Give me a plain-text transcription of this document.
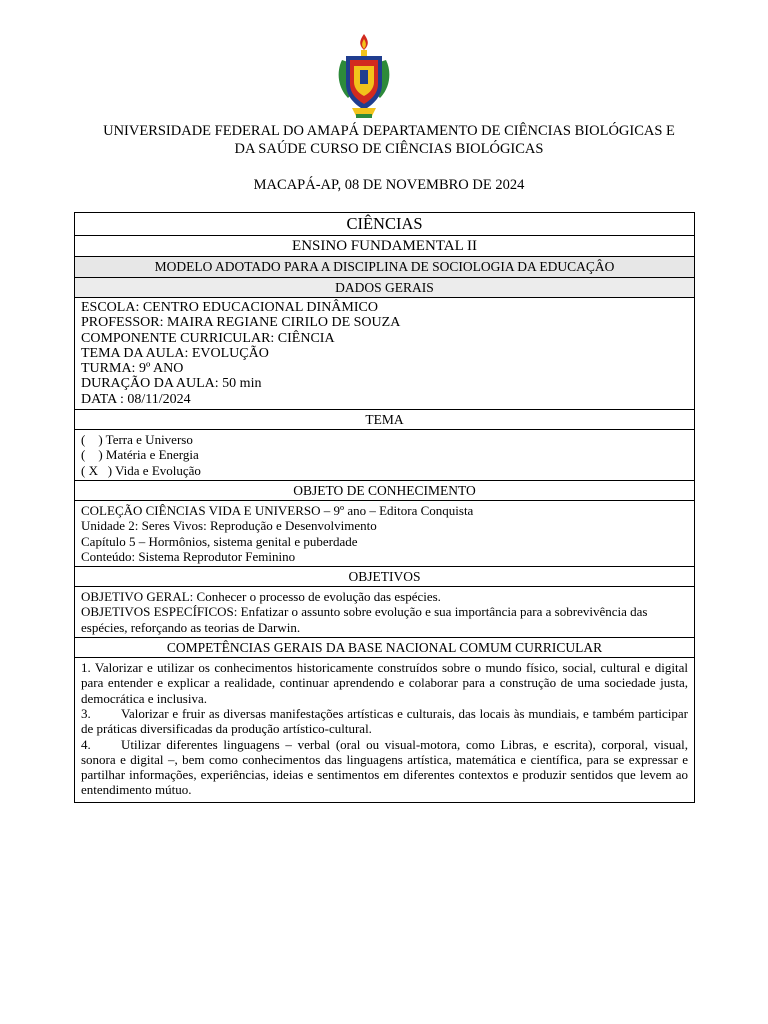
UNIVERSIDADE FEDERAL DO AMAPÁ DEPARTAMENTO DE CIÊNCIAS BIOLÓGICAS E DA SAÚDE CURSO DE CIÊNCIAS BIOLÓGICAS
MACAPÁ-AP, 08 DE NOVEMBRO DE 2024
CIÊNCIAS
ENSINO FUNDAMENTAL II
MODELO ADOTADO PARA A DISCIPLINA DE SOCIOLOGIA DA EDUCAÇÂO
DADOS GERAIS

ESCOLA: CENTRO EDUCACIONAL DINÂMICO
PROFESSOR: MAIRA REGIANE CIRILO DE SOUZA
COMPONENTE CURRICULAR: CIÊNCIA
TEMA DA AULA: EVOLUÇÃO
TURMA: 9º ANO
DURAÇÃO DA AULA: 50 min
DATA : 08/11/2024

TEMA

(    ) Terra e Universo
(    ) Matéria e Energia
( X   ) Vida e Evolução

OBJETO DE CONHECIMENTO

COLEÇÃO CIÊNCIAS VIDA E UNIVERSO – 9º ano – Editora Conquista
Unidade 2: Seres Vivos: Reprodução e Desenvolvimento
Capítulo 5 – Hormônios, sistema genital e puberdade
Conteúdo: Sistema Reprodutor Feminino

OBJETIVOS

OBJETIVO GERAL: Conhecer o processo de evolução das espécies.
OBJETIVOS ESPECÍFICOS: Enfatizar o assunto sobre evolução e sua importância para a sobrevivência das espécies, reforçando as teorias de Darwin.

COMPETÊNCIAS GERAIS DA BASE NACIONAL COMUM CURRICULAR

1. Valorizar e utilizar os conhecimentos historicamente construídos sobre o mundo físico, social, cultural e digital para entender e explicar a realidade, continuar aprendendo e colaborar para a construção de uma sociedade justa, democrática e inclusiva.
3. Valorizar e fruir as diversas manifestações artísticas e culturais, das locais às mundiais, e também participar de práticas diversificadas da produção artístico-cultural.
4. Utilizar diferentes linguagens – verbal (oral ou visual-motora, como Libras, e escrita), corporal, visual, sonora e digital –, bem como conhecimentos das linguagens artística, matemática e científica, para se expressar e partilhar informações, experiências, ideias e sentimentos em diferentes contextos e produzir sentidos que levem ao entendimento mútuo.
